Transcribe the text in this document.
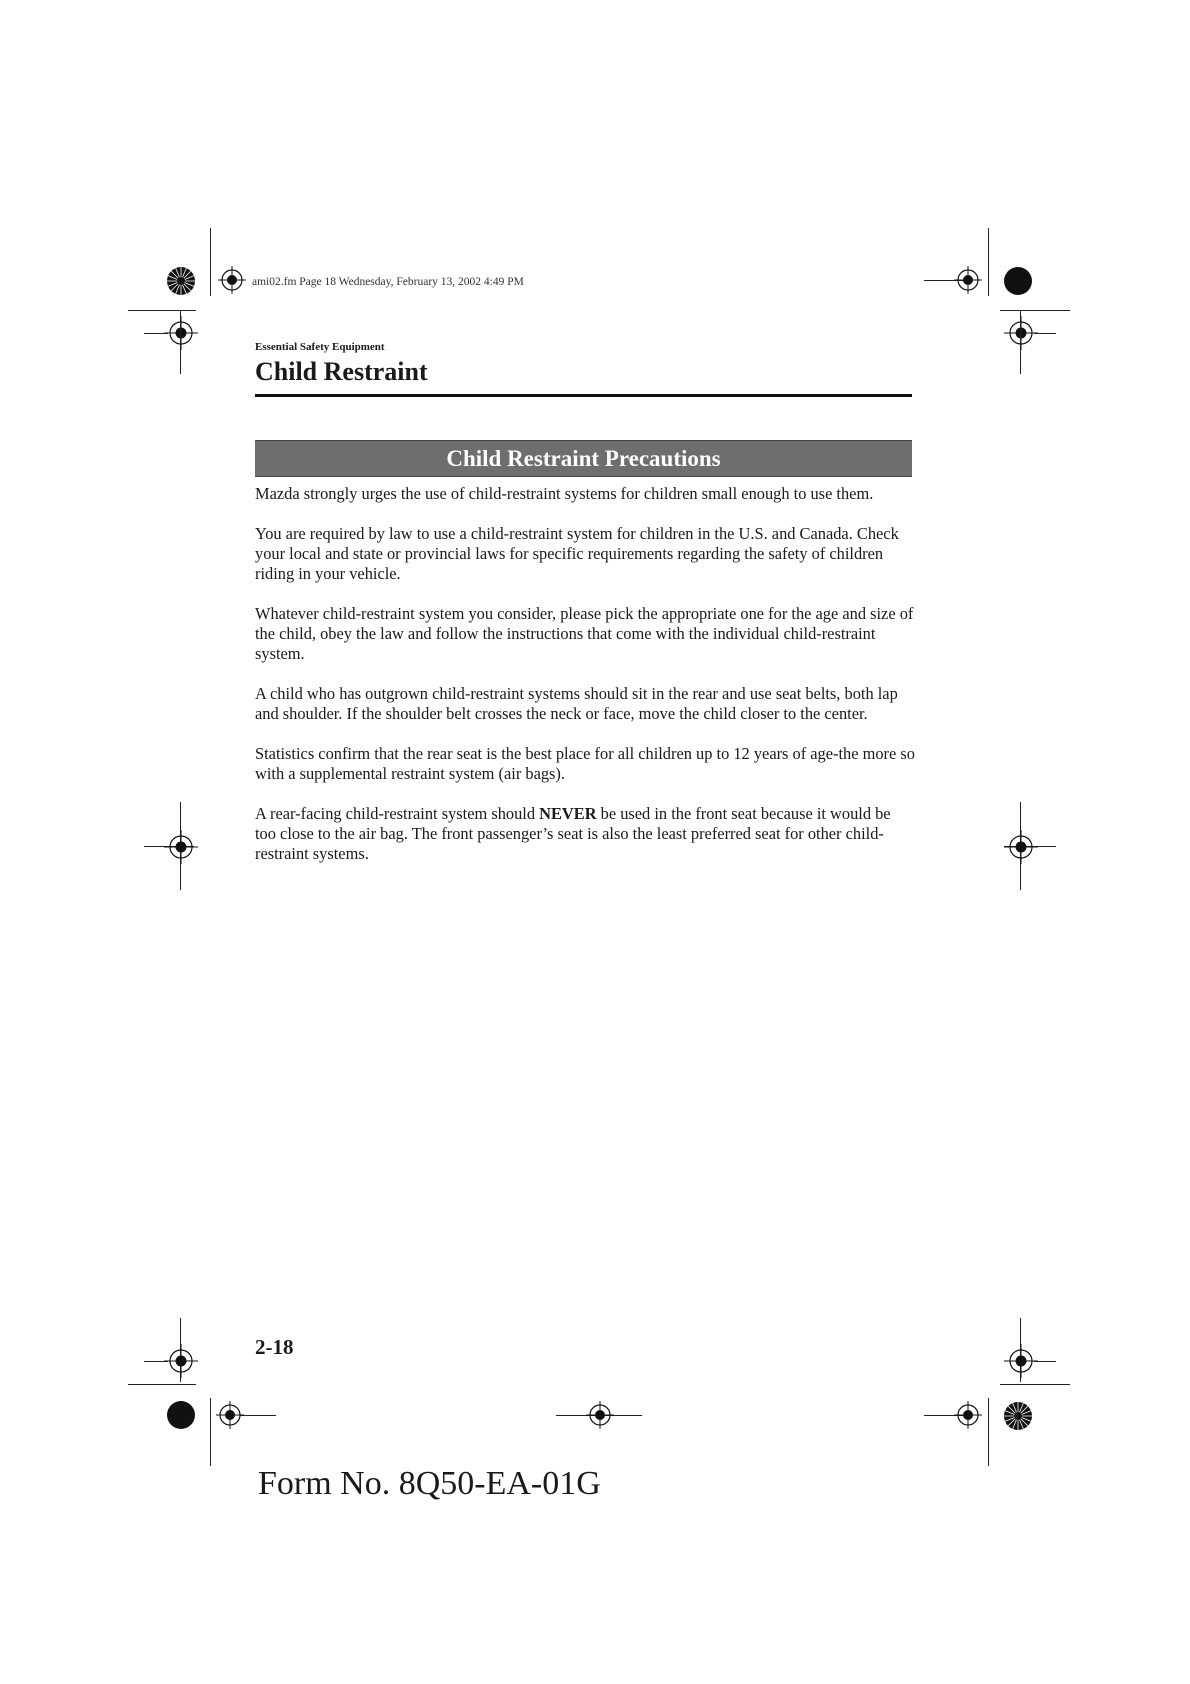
ami02.fm Page 18 Wednesday, February 13, 2002 4:49 PM
Essential Safety Equipment
Child Restraint
Child Restraint Precautions

Mazda strongly urges the use of child-restraint systems for children small enough to use them.

You are required by law to use a child-restraint system for children in the U.S. and Canada. Check your local and state or provincial laws for specific requirements regarding the safety of children riding in your vehicle.

Whatever child-restraint system you consider, please pick the appropriate one for the age and size of the child, obey the law and follow the instructions that come with the individual child-restraint system.

A child who has outgrown child-restraint systems should sit in the rear and use seat belts, both lap and shoulder. If the shoulder belt crosses the neck or face, move the child closer to the center.

Statistics confirm that the rear seat is the best place for all children up to 12 years of age-the more so with a supplemental restraint system (air bags).

A rear-facing child-restraint system should NEVER be used in the front seat because it would be too close to the air bag. The front passenger’s seat is also the least preferred seat for other child-restraint systems.

2-18
Form No. 8Q50-EA-01G
